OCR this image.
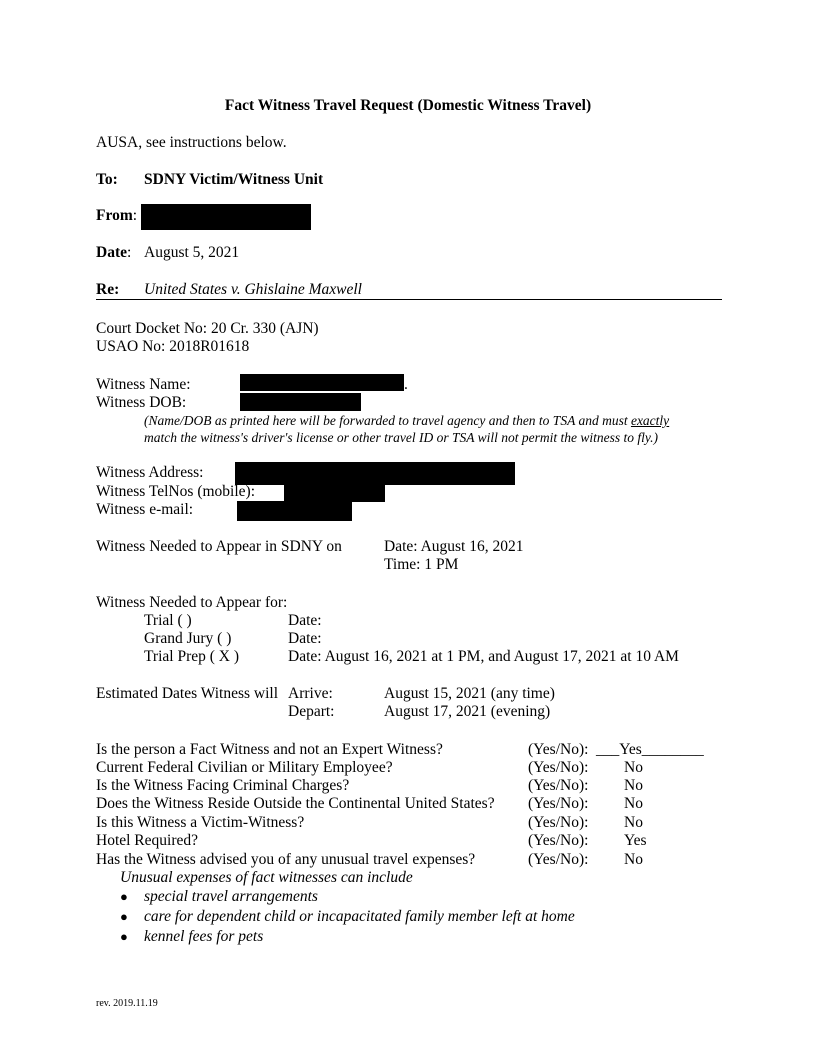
Fact Witness Travel Request (Domestic Witness Travel)
AUSA, see instructions below.
To: SDNY Victim/Witness Unit
From:
Date: August 5, 2021
Re: United States v. Ghislaine Maxwell
Court Docket No: 20 Cr. 330 (AJN)
USAO No: 2018R01618
Witness Name:	.
Witness DOB:
(Name/DOB as printed here will be forwarded to travel agency and then to TSA and must exactly
match the witness's driver's license or other travel ID or TSA will not permit the witness to fly.)
Witness Address:
Witness TelNos (mobile):
Witness e-mail:
Witness Needed to Appear in SDNY on	Date: August 16, 2021
Time: 1 PM
Witness Needed to Appear for:
Trial ( )	Date:
Grand Jury ( )	Date:
Trial Prep ( X )	Date: August 16, 2021 at 1 PM, and August 17, 2021 at 10 AM
Estimated Dates Witness will Arrive:	August 15, 2021 (any time)
Depart:	August 17, 2021 (evening)
Is the person a Fact Witness and not an Expert Witness?	(Yes/No): ___Yes________
Current Federal Civilian or Military Employee?	(Yes/No): No
Is the Witness Facing Criminal Charges?	(Yes/No): No
Does the Witness Reside Outside the Continental United States? (Yes/No): No
Is this Witness a Victim-Witness?	(Yes/No): No
Hotel Required?	(Yes/No): Yes
Has the Witness advised you of any unusual travel expenses?	(Yes/No): No
Unusual expenses of fact witnesses can include
● special travel arrangements
● care for dependent child or incapacitated family member left at home
● kennel fees for pets
rev. 2019.11.19
